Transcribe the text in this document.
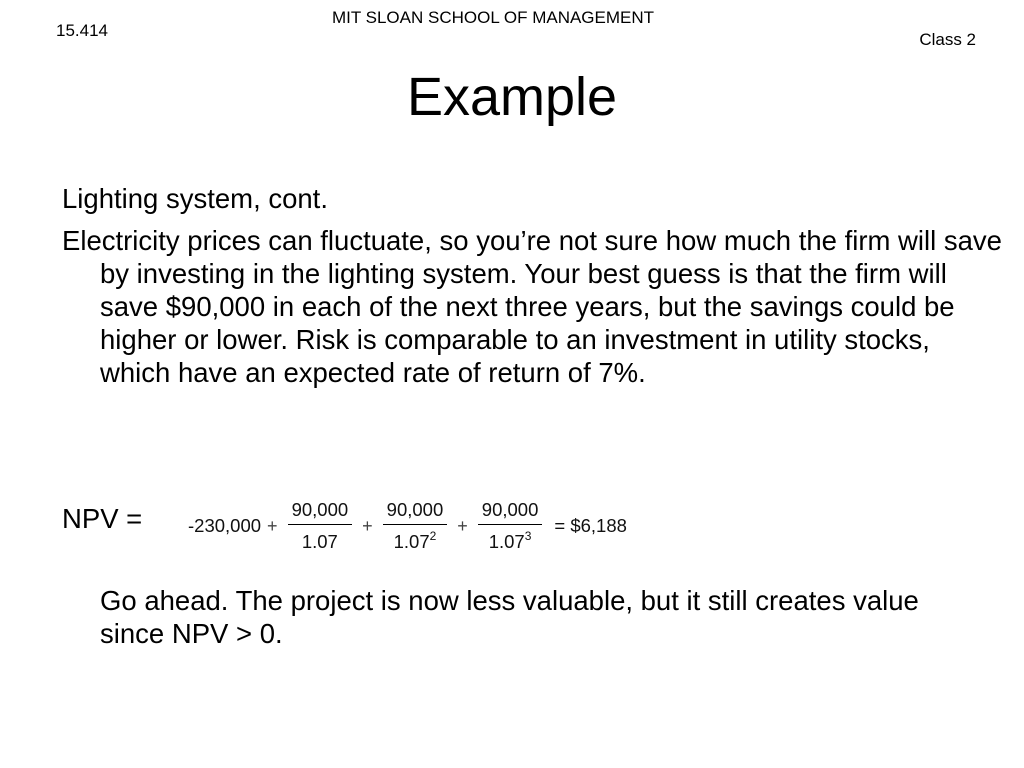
15.414
MIT SLOAN SCHOOL OF MANAGEMENT
Class 2
Example
Lighting system, cont.
Electricity prices can fluctuate, so you’re not sure how much the firm will save by investing in the lighting system. Your best guess is that the firm will save $90,000 in each of the next three years, but the savings could be higher or lower. Risk is comparable to an investment in utility stocks, which have an expected rate of return of 7%.
NPV =	$-230,000 + \frac{90,000}{1.07} + \frac{90,000}{1.07^2} + \frac{90,000}{1.07^3}$ = $6,188
Go ahead. The project is now less valuable, but it still creates value since NPV > 0.
